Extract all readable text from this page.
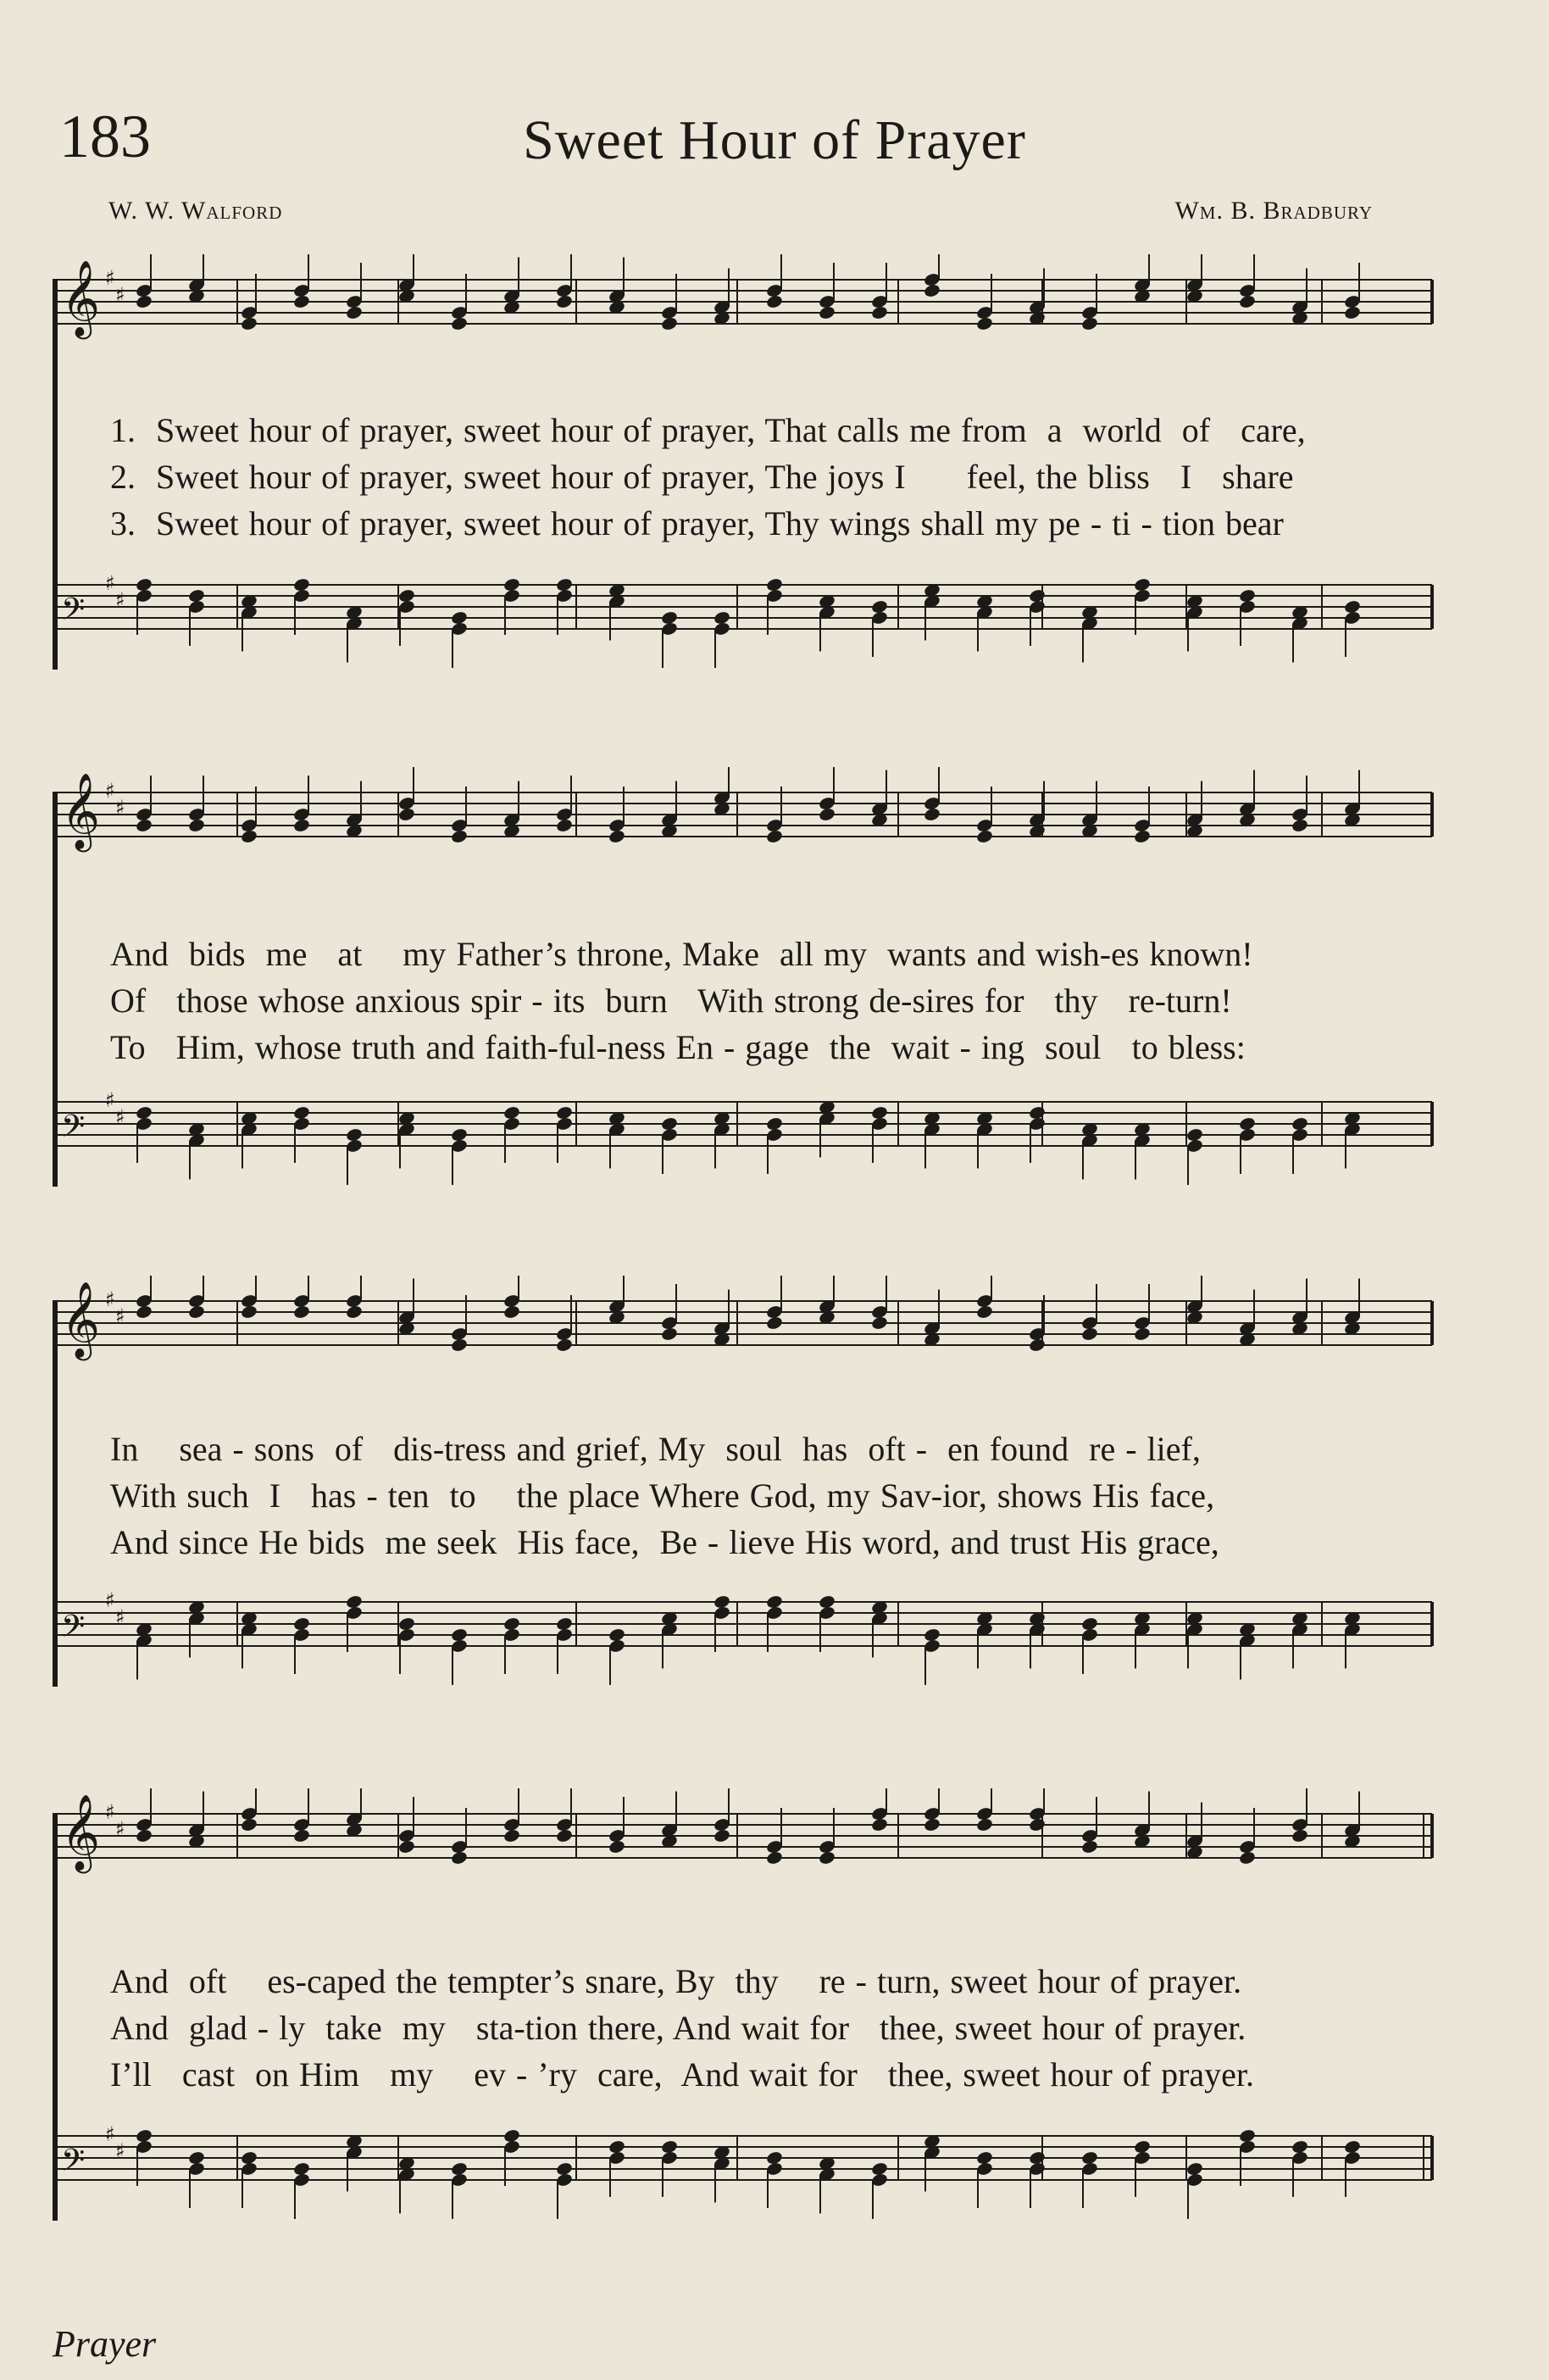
183	Sweet Hour of Prayer
W. W. Walford	Wm. B. Bradbury
𝄞 ♯
♯
1.  Sweet hour of prayer, sweet hour of prayer, That calls me from  a  world  of   care,
2.  Sweet hour of prayer, sweet hour of prayer, The joys I      feel, the bliss   I   share
3.  Sweet hour of prayer, sweet hour of prayer, Thy wings shall my pe - ti - tion bear
𝄢
♯
♯
𝄞 ♯
♯
And  bids  me   at    my Father’s throne, Make  all my  wants and wish-es known!
Of   those whose anxious spir - its  burn   With strong de-sires for   thy   re-turn!
To   Him, whose truth and faith-ful-ness En - gage  the  wait - ing  soul   to bless:
𝄢
♯
♯
𝄞 ♯
♯
In    sea - sons  of   dis-tress and grief, My  soul  has  oft -  en found  re - lief,
With such  I   has - ten  to    the place Where God, my Sav-ior, shows His face,
And since He bids  me seek  His face,  Be - lieve His word, and trust His grace,
𝄢
♯
♯
𝄞 ♯
♯
And  oft    es-caped the tempter’s snare, By  thy    re - turn, sweet hour of prayer.
And  glad - ly  take  my   sta-tion there, And wait for   thee, sweet hour of prayer.
I’ll   cast  on Him   my    ev - ’ry  care,  And wait for   thee, sweet hour of prayer.
𝄢
♯
♯
Prayer
